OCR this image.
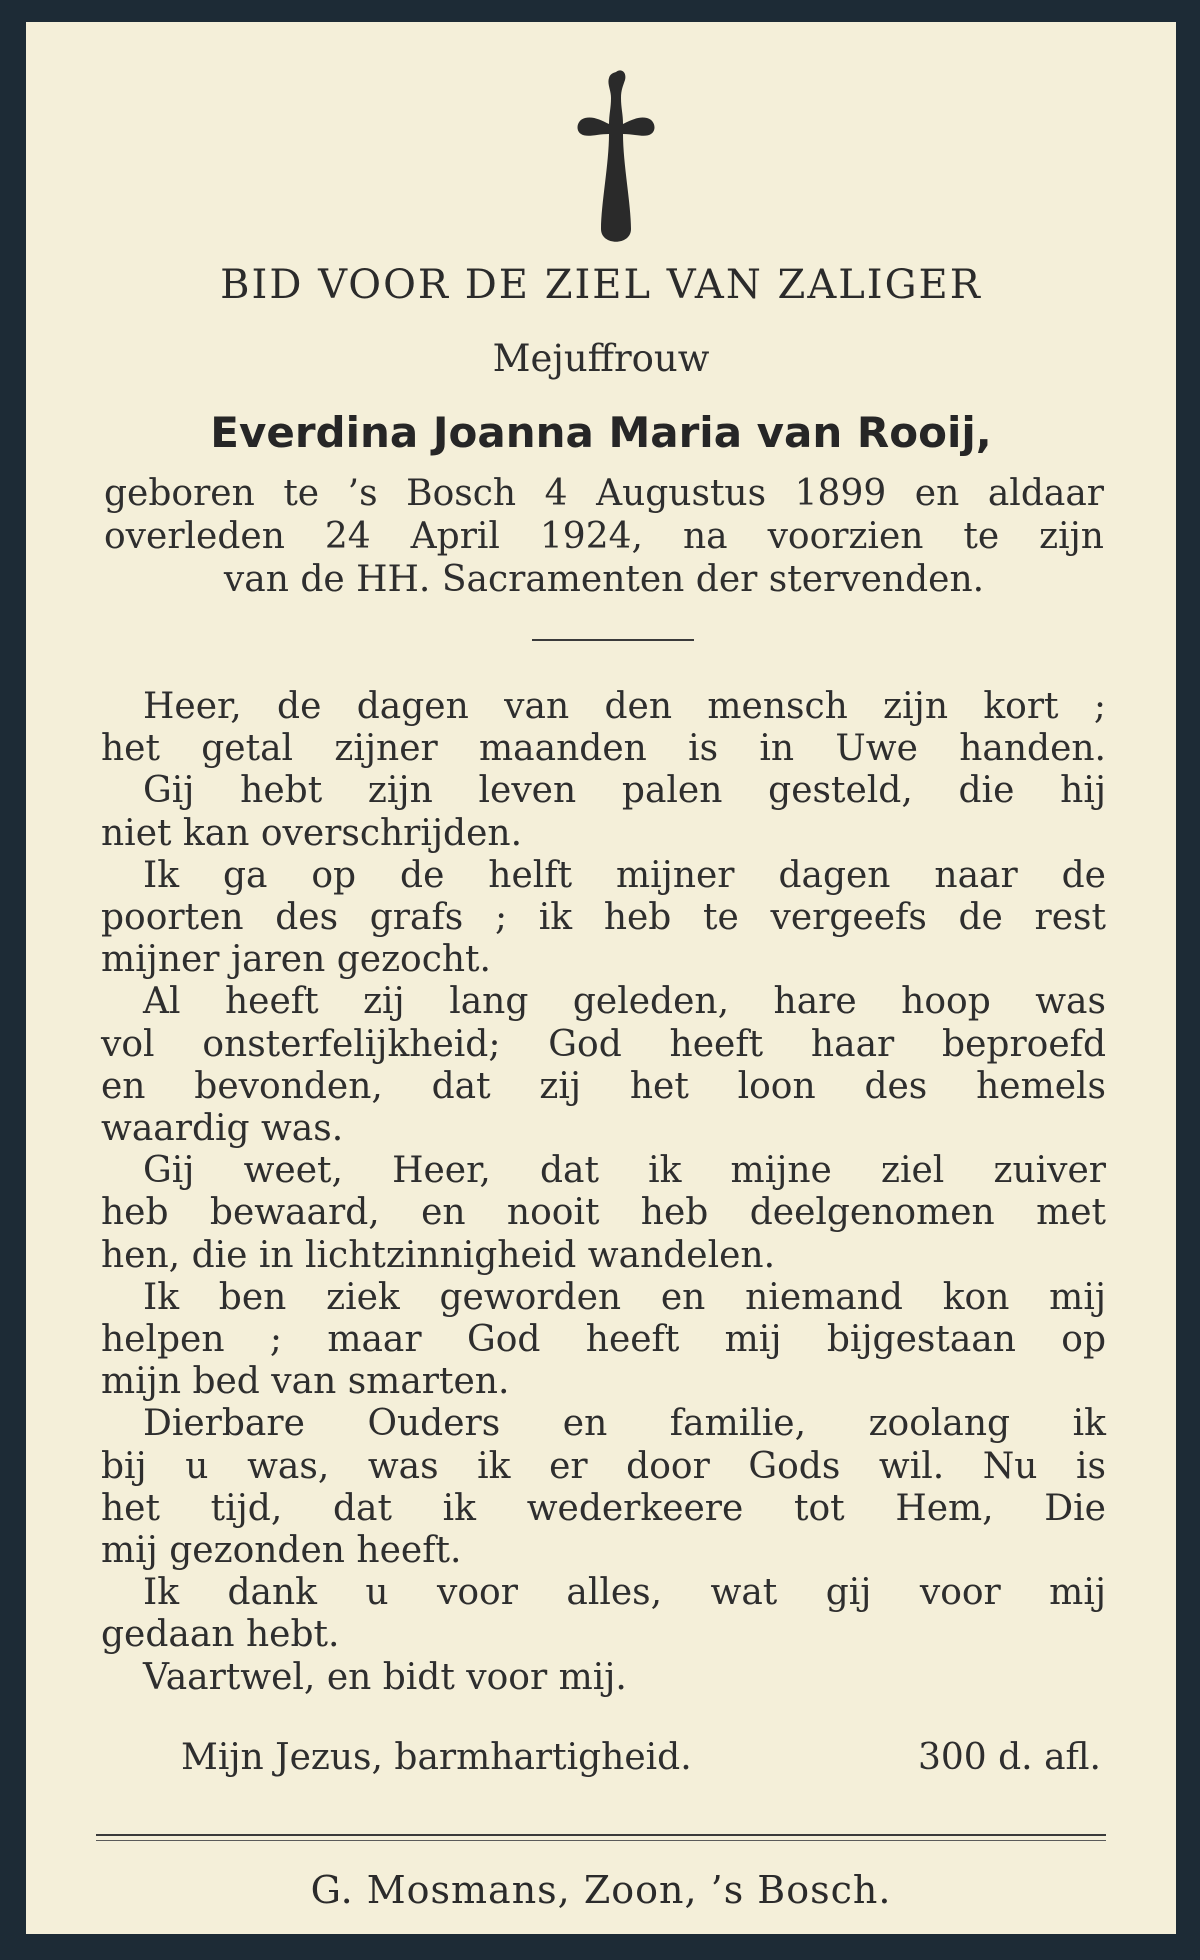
BID VOOR DE ZIEL VAN ZALIGER
Mejuffrouw
Everdina Joanna Maria van Rooij,
geboren te ’s Bosch 4 Augustus 1899 en aldaar
overleden 24 April 1924, na voorzien te zijn
van de HH. Sacramenten der stervenden.
Heer, de dagen van den mensch zijn kort ;
het getal zijner maanden is in Uwe handen.
Gij hebt zijn leven palen gesteld, die hij
niet kan overschrijden.
Ik ga op de helft mijner dagen naar de
poorten des grafs ; ik heb te vergeefs de rest
mijner jaren gezocht.
Al heeft zij lang geleden, hare hoop was
vol onsterfelijkheid; God heeft haar beproefd
en bevonden, dat zij het loon des hemels
waardig was.
Gij weet, Heer, dat ik mijne ziel zuiver
heb bewaard, en nooit heb deelgenomen met
hen, die in lichtzinnigheid wandelen.
Ik ben ziek geworden en niemand kon mij
helpen ; maar God heeft mij bijgestaan op
mijn bed van smarten.
Dierbare Ouders en familie, zoolang ik
bij u was, was ik er door Gods wil. Nu is
het tijd, dat ik wederkeere tot Hem, Die
mij gezonden heeft.
Ik dank u voor alles, wat gij voor mij
gedaan hebt.
Vaartwel, en bidt voor mij.
Mijn Jezus, barmhartigheid.	300 d. afl.
G. Mosmans, Zoon, ’s Bosch.
